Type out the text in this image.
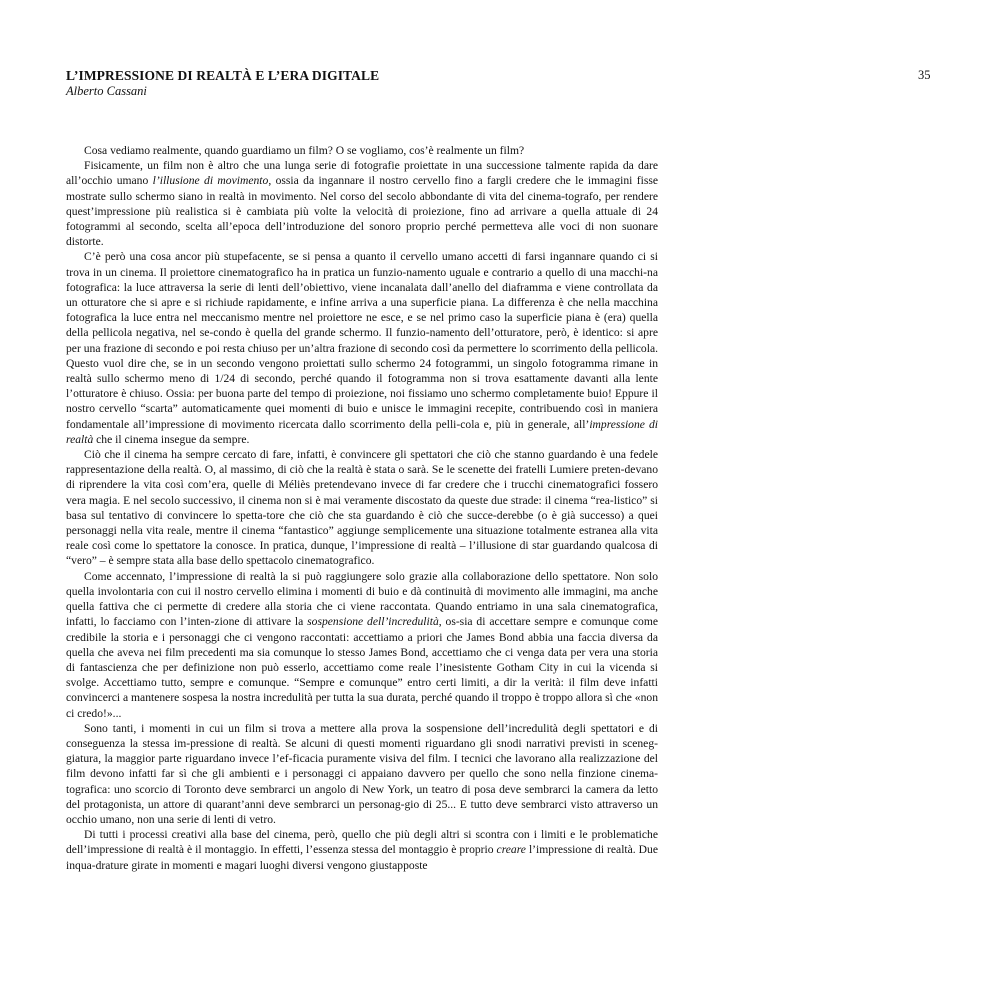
L’IMPRESSIONE DI REALTÀ E L’ERA DIGITALE
Alberto Cassani
35

Cosa vediamo realmente, quando guardiamo un film? O se vogliamo, cos’è realmente un film?

Fisicamente, un film non è altro che una lunga serie di fotografie proiettate in una successione talmente rapida da dare all’occhio umano l’illusione di movimento, ossia da ingannare il nostro cervello fino a fargli credere che le immagini fisse mostrate sullo schermo siano in realtà in movimento. Nel corso del secolo abbondante di vita del cinema-tografo, per rendere quest’impressione più realistica si è cambiata più volte la velocità di proiezione, fino ad arrivare a quella attuale di 24 fotogrammi al secondo, scelta all’epoca dell’introduzione del sonoro proprio perché permetteva alle voci di non suonare distorte.

C’è però una cosa ancor più stupefacente, se si pensa a quanto il cervello umano accetti di farsi ingannare quando ci si trova in un cinema. Il proiettore cinematografico ha in pratica un funzio-namento uguale e contrario a quello di una macchi-na fotografica: la luce attraversa la serie di lenti dell’obiettivo, viene incanalata dall’anello del diaframma e viene controllata da un otturatore che si apre e si richiude rapidamente, e infine arriva a una superficie piana. La differenza è che nella macchina fotografica la luce entra nel meccanismo mentre nel proiettore ne esce, e se nel primo caso la superficie piana è (era) quella della pellicola negativa, nel se-condo è quella del grande schermo. Il funzio-namento dell’otturatore, però, è identico: si apre per una frazione di secondo e poi resta chiuso per un’altra frazione di secondo così da permettere lo scorrimento della pellicola. Questo vuol dire che, se in un secondo vengono proiettati sullo schermo 24 fotogrammi, un singolo fotogramma rimane in realtà sullo schermo meno di 1/24 di secondo, perché quando il fotogramma non si trova esattamente davanti alla lente l’otturatore è chiuso. Ossia: per buona parte del tempo di proiezione, noi fissiamo uno schermo completamente buio! Eppure il nostro cervello “scarta” automaticamente quei momenti di buio e unisce le immagini recepite, contribuendo così in maniera fondamentale all’impressione di movimento ricercata dallo scorrimento della pelli-cola e, più in generale, all’impressione di realtà che il cinema insegue da sempre.

Ciò che il cinema ha sempre cercato di fare, infatti, è convincere gli spettatori che ciò che stanno guardando è una fedele rappresentazione della realtà. O, al massimo, di ciò che la realtà è stata o sarà. Se le scenette dei fratelli Lumiere preten-devano di riprendere la vita così com’era, quelle di Méliès pretendevano invece di far credere che i trucchi cinematografici fossero vera magia. E nel secolo successivo, il cinema non si è mai veramente discostato da queste due strade: il cinema “rea-listico” si basa sul tentativo di convincere lo spetta-tore che ciò che sta guardando è ciò che succe-derebbe (o è già successo) a quei personaggi nella vita reale, mentre il cinema “fantastico” aggiunge semplicemente una situazione totalmente estranea alla vita reale così come lo spettatore la conosce. In pratica, dunque, l’impressione di realtà – l’illusione di star guardando qualcosa di “vero” – è sempre stata alla base dello spettacolo cinematografico.

Come accennato, l’impressione di realtà la si può raggiungere solo grazie alla collaborazione dello spettatore. Non solo quella involontaria con cui il nostro cervello elimina i momenti di buio e dà continuità di movimento alle immagini, ma anche quella fattiva che ci permette di credere alla storia che ci viene raccontata. Quando entriamo in una sala cinematografica, infatti, lo facciamo con l’inten-zione di attivare la sospensione dell’incredulità, os-sia di accettare sempre e comunque come credibile la storia e i personaggi che ci vengono raccontati: accettiamo a priori che James Bond abbia una faccia diversa da quella che aveva nei film precedenti ma sia comunque lo stesso James Bond, accettiamo che ci venga data per vera una storia di fantascienza che per definizione non può esserlo, accettiamo come reale l’inesistente Gotham City in cui la vicenda si svolge. Accettiamo tutto, sempre e comunque. “Sempre e comunque” entro certi limiti, a dir la verità: il film deve infatti convincerci a mantenere sospesa la nostra incredulità per tutta la sua durata, perché quando il troppo è troppo allora sì che «non ci credo!»...

Sono tanti, i momenti in cui un film si trova a mettere alla prova la sospensione dell’incredulità degli spettatori e di conseguenza la stessa im-pressione di realtà. Se alcuni di questi momenti riguardano gli snodi narrativi previsti in sceneg-giatura, la maggior parte riguardano invece l’ef-ficacia puramente visiva del film. I tecnici che lavorano alla realizzazione del film devono infatti far sì che gli ambienti e i personaggi ci appaiano davvero per quello che sono nella finzione cinema-tografica: uno scorcio di Toronto deve sembrarci un angolo di New York, un teatro di posa deve sembrarci la camera da letto del protagonista, un attore di quarant’anni deve sembrarci un personag-gio di 25... E tutto deve sembrarci visto attraverso un occhio umano, non una serie di lenti di vetro.

Di tutti i processi creativi alla base del cinema, però, quello che più degli altri si scontra con i limiti e le problematiche dell’impressione di realtà è il montaggio. In effetti, l’essenza stessa del montaggio è proprio creare l’impressione di realtà. Due inqua-drature girate in momenti e magari luoghi diversi vengono giustapposte
